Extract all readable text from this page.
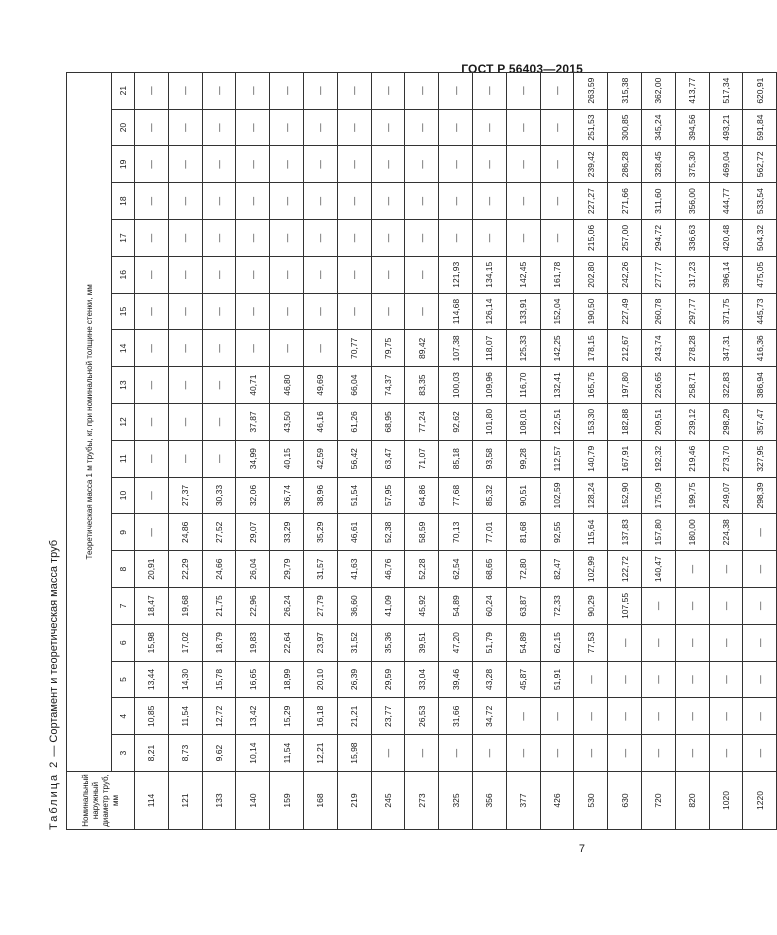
ГОСТ Р 56403—2015
Таблица 2 — Сортамент и теоретическая масса труб
Номинальный наружный диаметр труб, мм	Теоретическая масса 1 м трубы, кг, при номинальной толщине стенки, мм																		
	3	4	5	6	7	8	9	10	11	12	13	14	15	16	17	18	19	20	21
114	8,21	10,85	13,44	15,98	18,47	20,91	—	—	—	—	—	—	—	—	—	—	—	—	—
121	8,73	11,54	14,30	17,02	19,68	22,29	24,86	27,37	—	—	—	—	—	—	—	—	—	—	—
133	9,62	12,72	15,78	18,79	21,75	24,66	27,52	30,33	—	—	—	—	—	—	—	—	—	—	—
140	10,14	13,42	16,65	19,83	22,96	26,04	29,07	32,06	34,99	37,87	40,71	—	—	—	—	—	—	—	—
159	11,54	15,29	18,99	22,64	26,24	29,79	33,29	36,74	40,15	43,50	46,80	—	—	—	—	—	—	—	—
168	12,21	16,18	20,10	23,97	27,79	31,57	35,29	38,96	42,59	46,16	49,69	—	—	—	—	—	—	—	—
219	15,98	21,21	26,39	31,52	36,60	41,63	46,61	51,54	56,42	61,26	66,04	70,77	—	—	—	—	—	—	—
245	—	23,77	29,59	35,36	41,09	46,76	52,38	57,95	63,47	68,95	74,37	79,75	—	—	—	—	—	—	—
273	—	26,53	33,04	39,51	45,92	52,28	58,59	64,86	71,07	77,24	83,35	89,42	—	—	—	—	—	—	—
325	—	31,66	39,46	47,20	54,89	62,54	70,13	77,68	85,18	92,62	100,03	107,38	114,68	121,93	—	—	—	—	—
356	—	34,72	43,28	51,79	60,24	68,65	77,01	85,32	93,58	101,80	109,96	118,07	126,14	134,15	—	—	—	—	—
377	—	—	45,87	54,89	63,87	72,80	81,68	90,51	99,28	108,01	116,70	125,33	133,91	142,45	—	—	—	—	—
426	—	—	51,91	62,15	72,33	82,47	92,55	102,59	112,57	122,51	132,41	142,25	152,04	161,78	—	—	—	—	—
530	—	—	—	77,53	90,29	102,99	115,64	128,24	140,79	153,30	165,75	178,15	190,50	202,80	215,06	227,27	239,42	251,53	263,59
630	—	—	—	—	107,55	122,72	137,83	152,90	167,91	182,88	197,80	212,67	227,49	242,26	257,00	271,66	286,28	300,85	315,38
720	—	—	—	—	—	140,47	157,80	175,09	192,32	209,51	226,65	243,74	260,78	277,77	294,72	311,60	328,45	345,24	362,00
820	—	—	—	—	—	—	180,00	199,75	219,46	239,12	258,71	278,28	297,77	317,23	336,63	356,00	375,30	394,56	413,77
1020	—	—	—	—	—	—	224,38	249,07	273,70	298,29	322,83	347,31	371,75	396,14	420,48	444,77	469,04	493,21	517,34
1220	—	—	—	—	—	—	—	298,39	327,95	357,47	386,94	416,36	445,73	475,05	504,32	533,54	562,72	591,84	620,91
7
